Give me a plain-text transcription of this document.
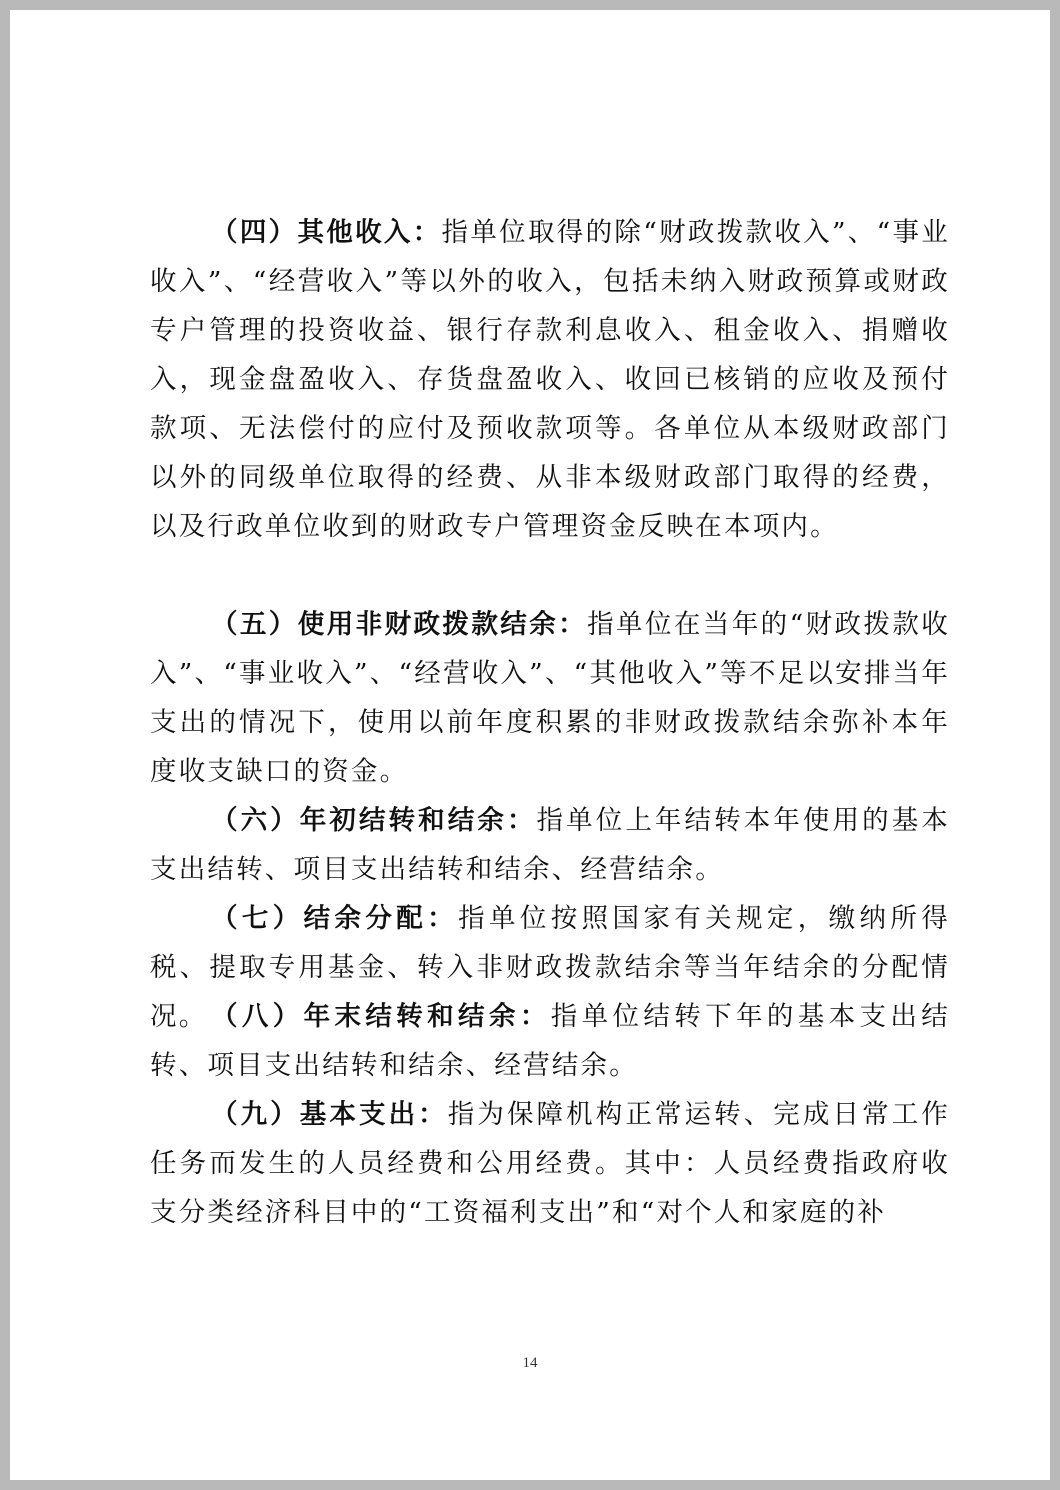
（四）其他收入：指单位取得的除“财政拨款收入”、“事业收入”、“经营收入”等以外的收入，包括未纳入财政预算或财政专户管理的投资收益、银行存款利息收入、租金收入、捐赠收入，现金盘盈收入、存货盘盈收入、收回已核销的应收及预付款项、无法偿付的应付及预收款项等。各单位从本级财政部门以外的同级单位取得的经费、从非本级财政部门取得的经费，以及行政单位收到的财政专户管理资金反映在本项内。

（五）使用非财政拨款结余：指单位在当年的“财政拨款收入”、“事业收入”、“经营收入”、“其他收入”等不足以安排当年支出的情况下，使用以前年度积累的非财政拨款结余弥补本年度收支缺口的资金。

（六）年初结转和结余：指单位上年结转本年使用的基本支出结转、项目支出结转和结余、经营结余。

（七）结余分配：指单位按照国家有关规定，缴纳所得税、提取专用基金、转入非财政拨款结余等当年结余的分配情况。 （八）年末结转和结余：指单位结转下年的基本支出结转、项目支出结转和结余、经营结余。

（九）基本支出：指为保障机构正常运转、完成日常工作任务而发生的人员经费和公用经费。其中：人员经费指政府收支分类经济科目中的“工资福利支出”和“对个人和家庭的补

14
